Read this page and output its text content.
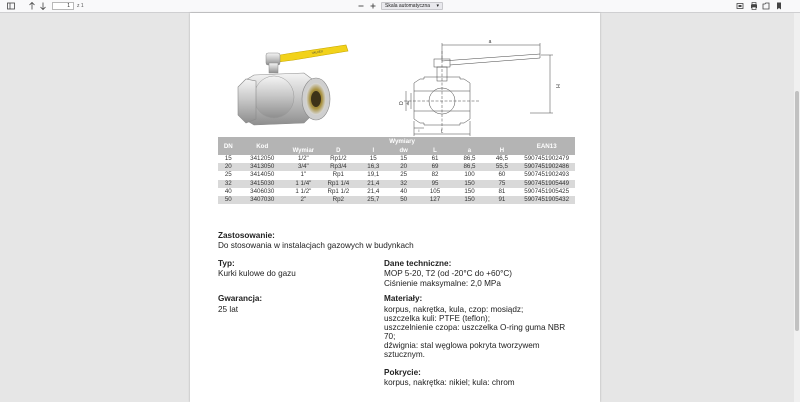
1	z 1	Skala automatyczna ▾
VALVEX
a
H
D dw
l	L
DN	Kod	Wymiary							EAN13
		Wymiar	D	l	dw	L	a	H	
15	3412050	1/2"	Rp1/2	15	15	61	86,5	46,5	5907451902479
20	3413050	3/4"	Rp3/4	16,3	20	69	86,5	55,5	5907451902486
25	3414050	1"	Rp1	19,1	25	82	100	60	5907451902493
32	3415030	1 1/4"	Rp1 1/4	21,4	32	95	150	75	5907451905449
40	3406030	1 1/2"	Rp1 1/2	21,4	40	105	150	81	5907451905425
50	3407030	2"	Rp2	25,7	50	127	150	91	5907451905432
Zastosowanie:
Do stosowania w instalacjach gazowych w budynkach
Typ:
Kurki kulowe do gazu
Gwarancja:
25 lat
Dane techniczne:
MOP 5-20, T2 (od -20°C do +60°C)
Ciśnienie maksymalne: 2,0 MPa
Materiały:
korpus, nakrętka, kula, czop: mosiądz;
uszczelka kuli: PTFE (teflon);
uszczelnienie czopa: uszczelka O-ring guma NBR
70;
dźwignia: stal węglowa pokryta tworzywem
sztucznym.
Pokrycie:
korpus, nakrętka: nikiel; kula: chrom
